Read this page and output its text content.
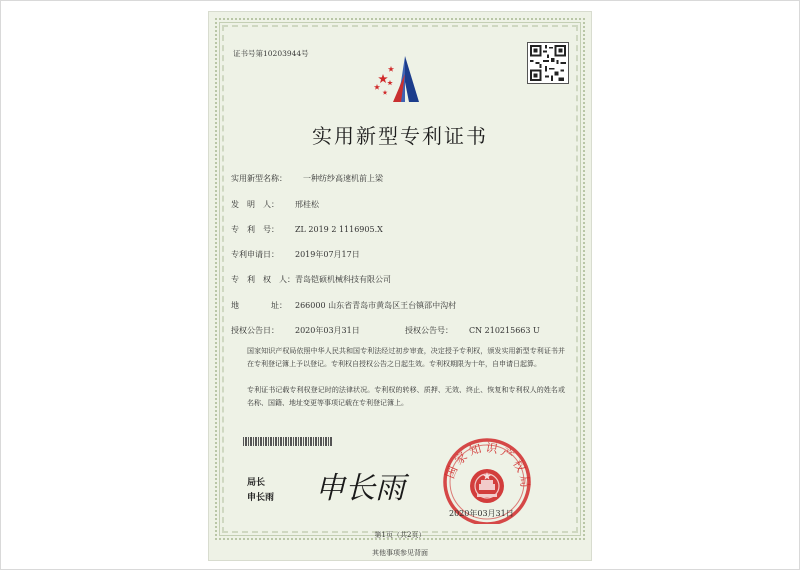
证书号第10203944号
实用新型专利证书
实用新型名称： 一种纺纱高速机前上梁
发　明　人： 邢桂松
专　利　号： ZL 2019 2 1116905.X
专利申请日： 2019年07月17日
专　利　权　人：青岛铠硕机械科技有限公司
地　　　　址： 266000 山东省青岛市黄岛区王台镇邵中沟村
授权公告日： 2020年03月31日	授权公告号： CN 210215663 U
国家知识产权局依照中华人民共和国专利法经过初步审查，决定授予专利权，颁发实用新型专利证书并在专利登记簿上予以登记。专利权自授权公告之日起生效。专利权期限为十年，自申请日起算。
专利证书记载专利权登记时的法律状况。专利权的转移、质押、无效、终止、恢复和专利权人的姓名或名称、国籍、地址变更等事项记载在专利登记簿上。
局长
申长雨 申长雨
国家知识产权局
2020年03月31日
第1页（共2页）
其他事项参见背面
